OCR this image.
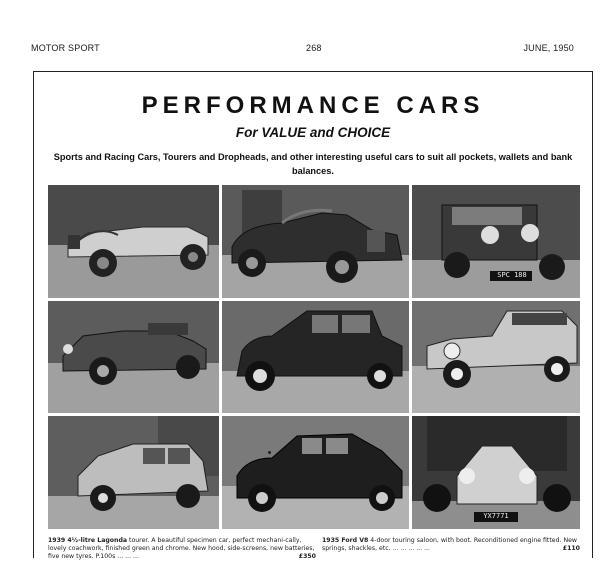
MOTOR SPORT	268	JUNE, 1950
PERFORMANCE CARS
For VALUE and CHOICE
Sports and Racing Cars, Tourers and Dropheads, and other interesting useful cars to suit all pockets, wallets and bank balances.
SPC 188
YX7771
1939 4½-litre Lagonda tourer. A beautiful specimen car, perfect mechani-cally, lovely coachwork, finished green and chrome. New hood, side-screens, new batteries, five new tyres. P.100s ... ... ...	£350
1935 Ford V8 4-door touring saloon, with boot. Reconditioned engine fitted. New springs, shackles, etc. ... ... ... ... ...	£110
